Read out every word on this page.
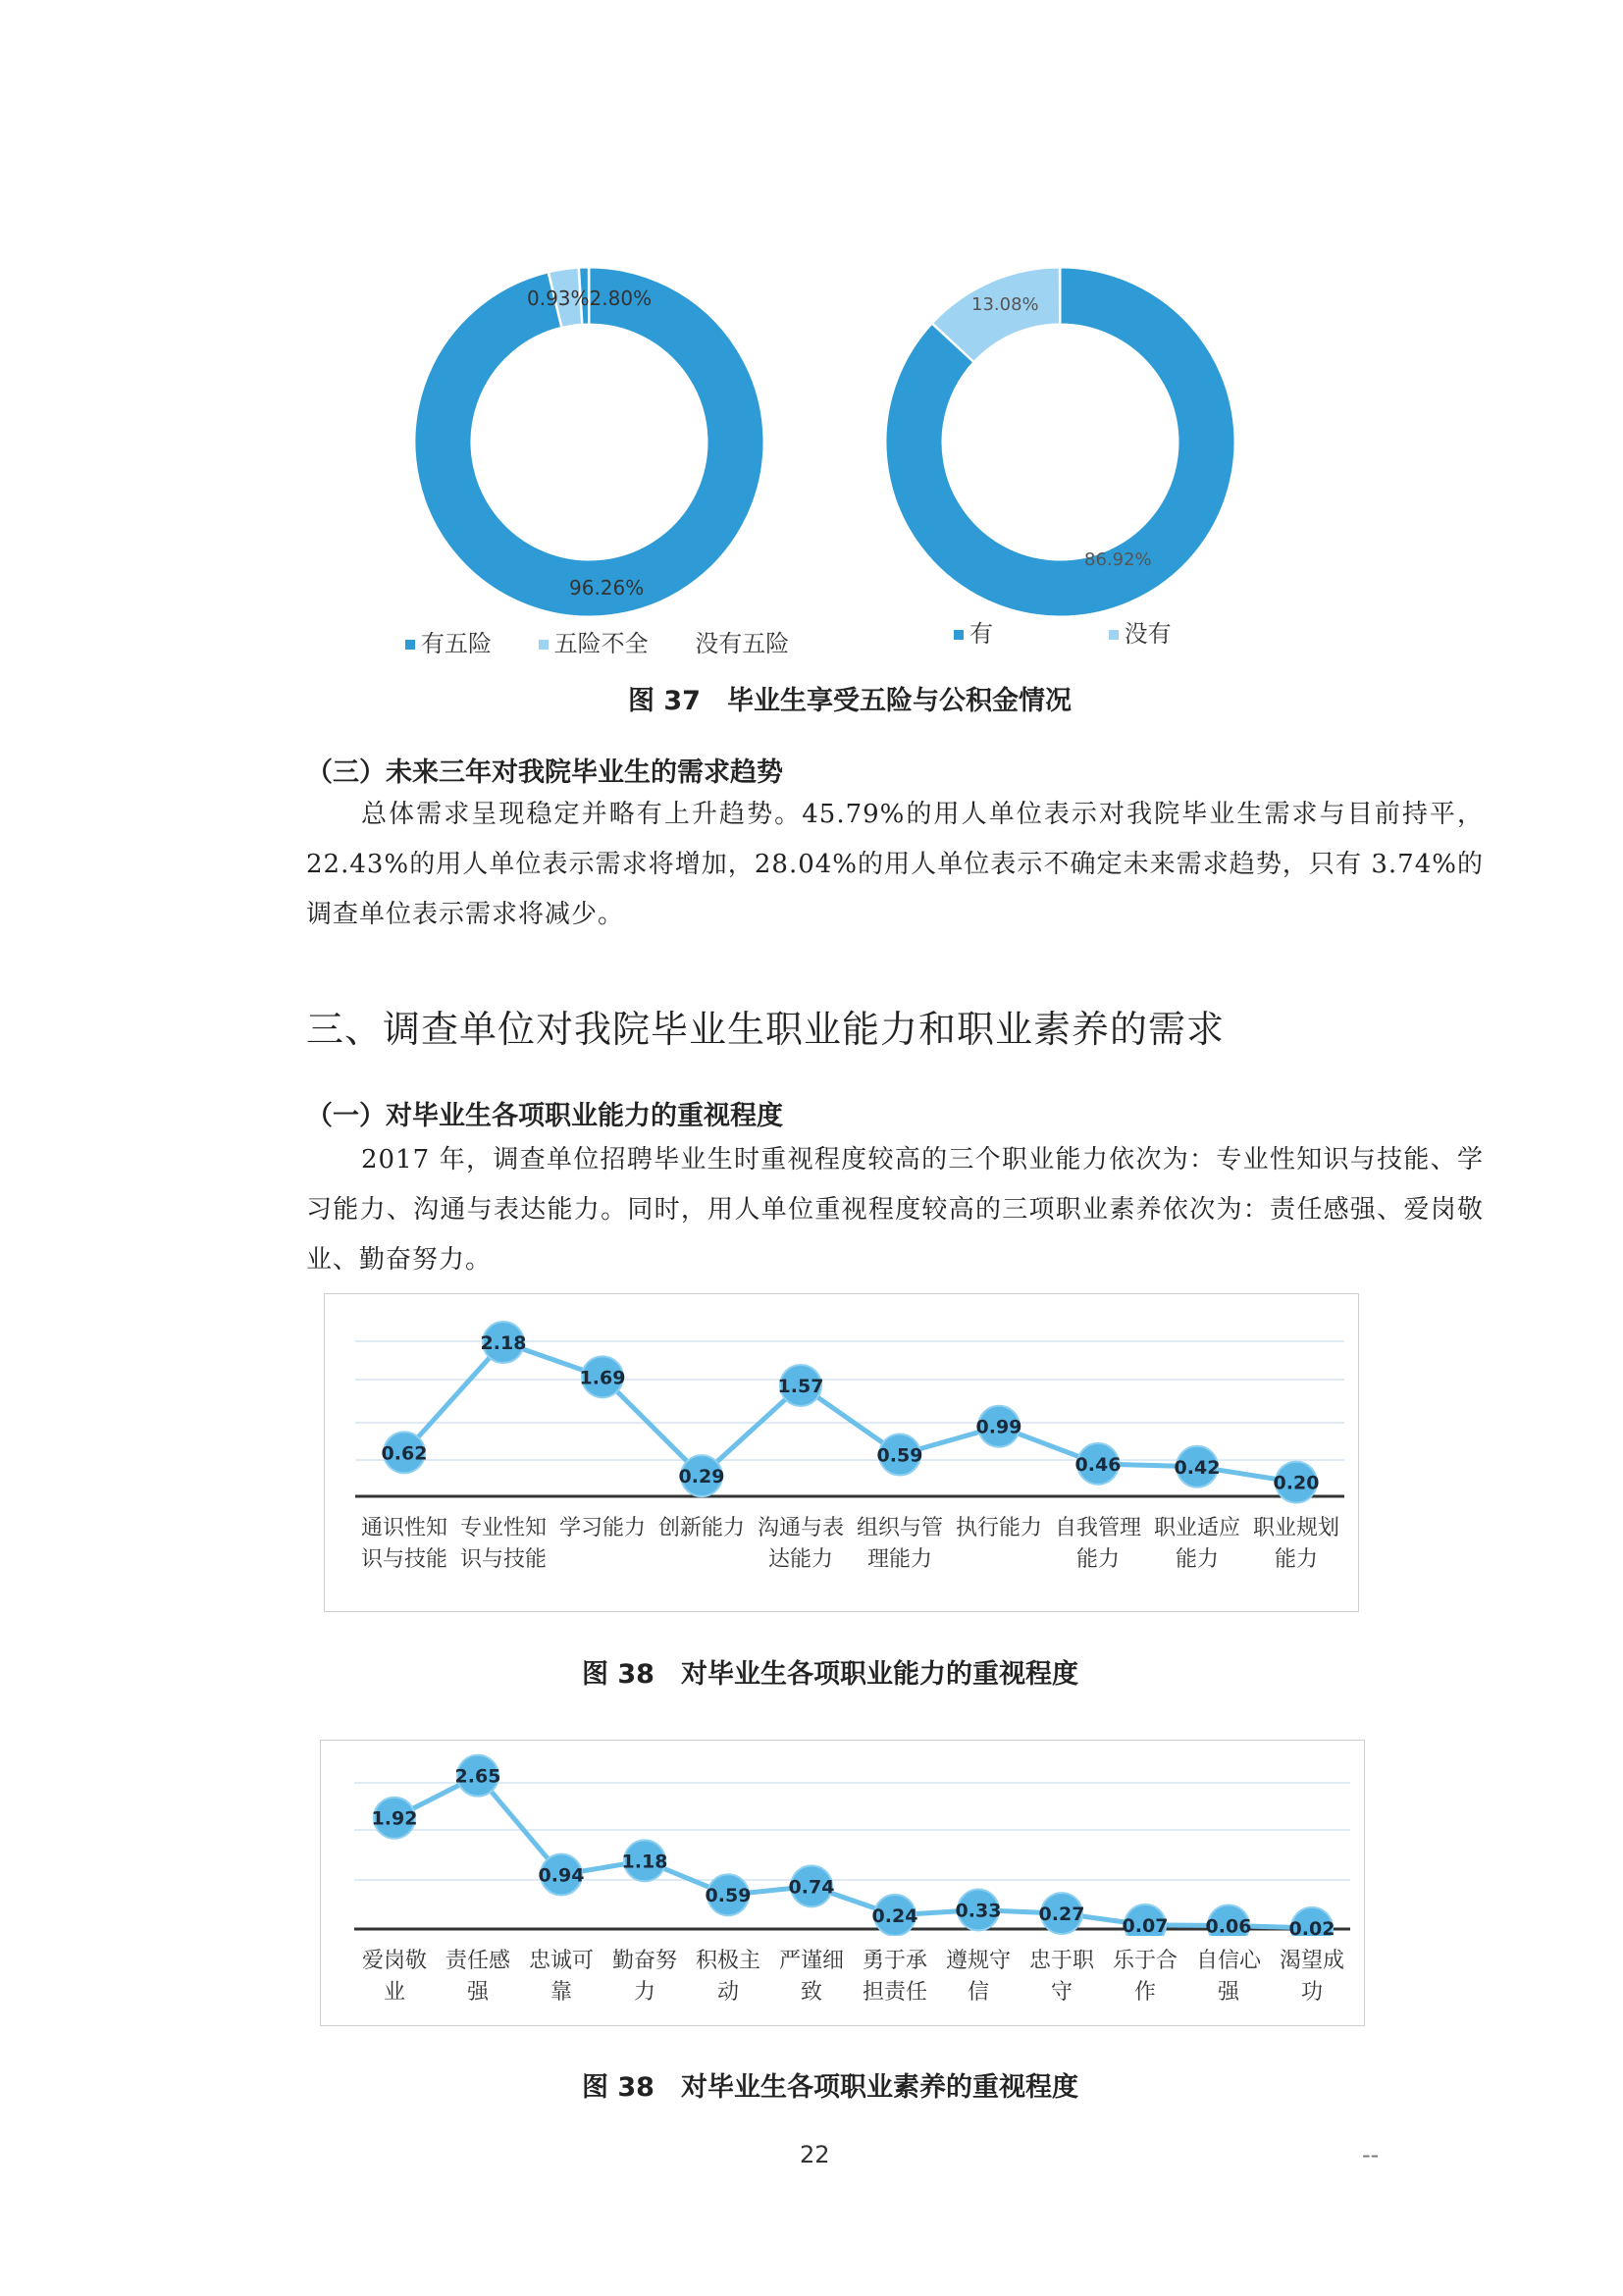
0.93%2.80%
96.26%
有五险	五险不全 没有五险
13.08%
86.92%
有	没有
图 37　毕业生享受五险与公积金情况
（三）未来三年对我院毕业生的需求趋势
总体需求呈现稳定并略有上升趋势。45.79%的用人单位表示对我院毕业生需求与目前持平，22.43%的用人单位表示需求将增加，28.04%的用人单位表示不确定未来需求趋势，只有 3.74%的调查单位表示需求将减少。
三、调查单位对我院毕业生职业能力和职业素养的需求
（一）对毕业生各项职业能力的重视程度
2017 年，调查单位招聘毕业生时重视程度较高的三个职业能力依次为：专业性知识与技能、学习能力、沟通与表达能力。同时，用人单位重视程度较高的三项职业素养依次为：责任感强、爱岗敬业、勤奋努力。
0.62
2.18
1.69
0.29
1.57
0.59
0.99
0.46	0.42
0.20
通识性知
识与技能
专业性知
识与技能
学习能力 创新能力 沟通与表
达能力
组织与管
理能力
执行能力 自我管理
能力
职业适应
能力
职业规划
能力
图 38　对毕业生各项职业能力的重视程度
1.92
2.65
0.94
1.18
0.59 0.74
0.24 0.33 0.27
0.07 0.06 0.02
爱岗敬
业
责任感
强
忠诚可
靠
勤奋努
力
积极主
动
严谨细
致
勇于承
担责任
遵规守
信
忠于职
守
乐于合
作
自信心
强
渴望成
功
图 38　对毕业生各项职业素养的重视程度
22	--
